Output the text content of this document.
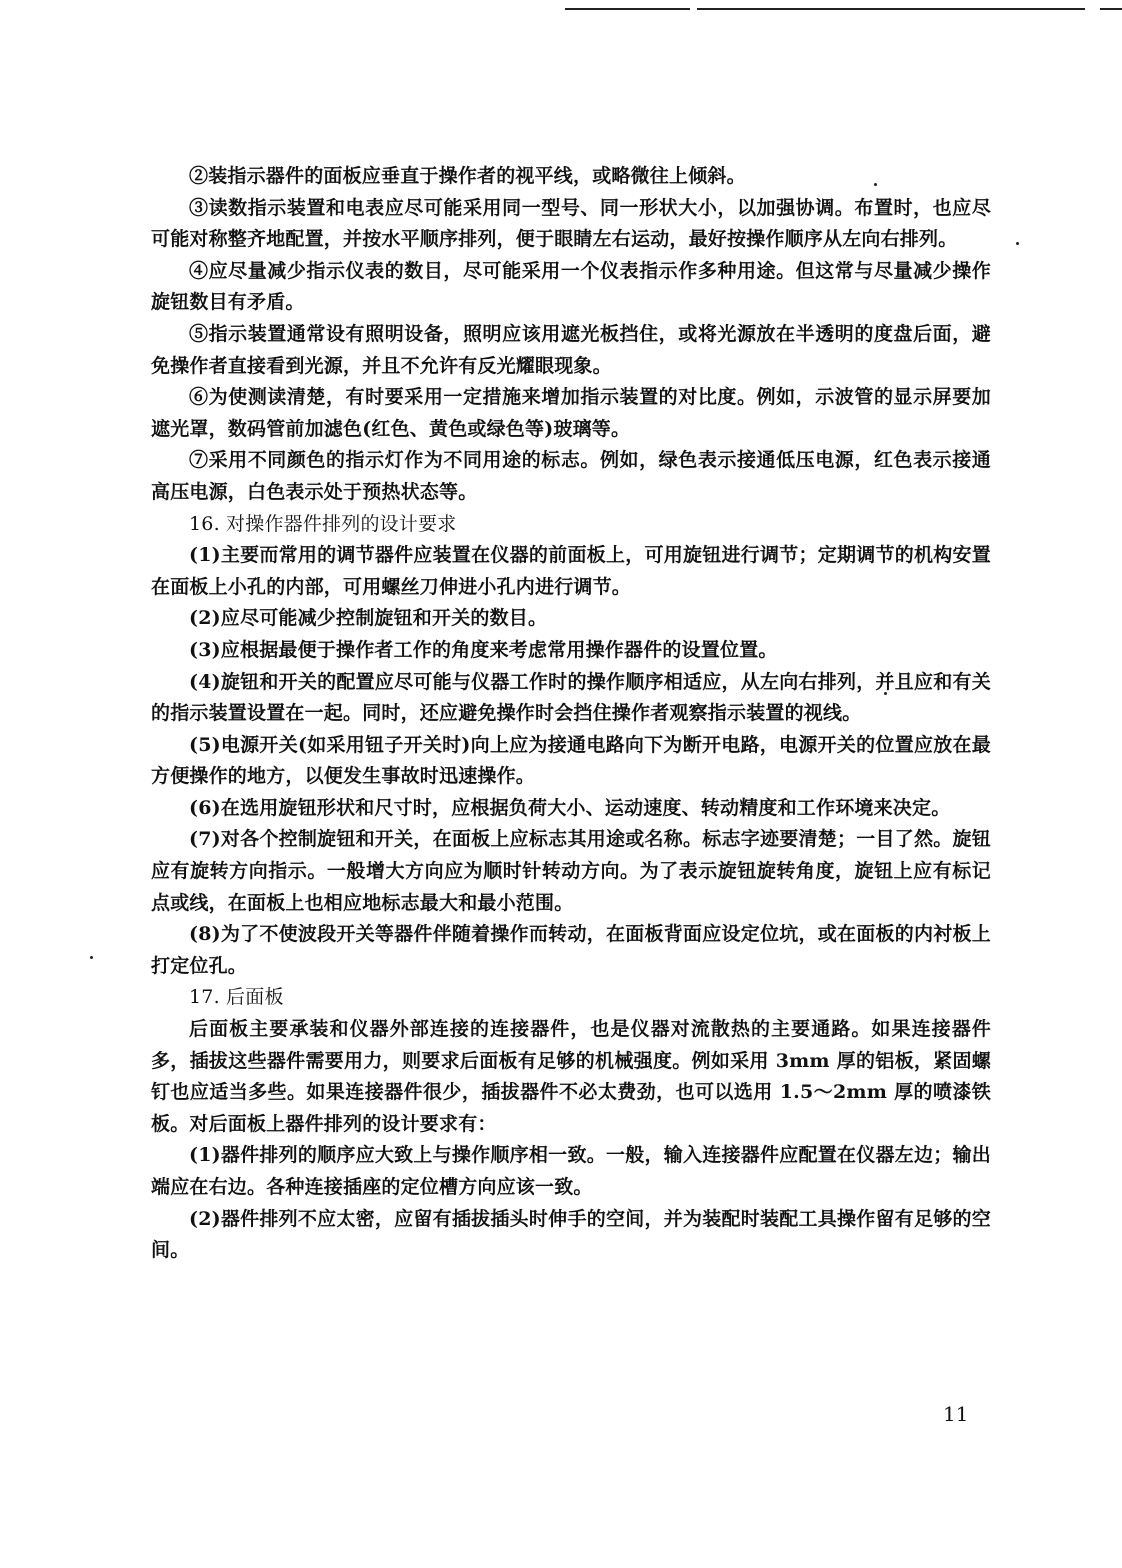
②装指示器件的面板应垂直于操作者的视平线，或略微往上倾斜。

③读数指示装置和电表应尽可能采用同一型号、同一形状大小，以加强协调。布置时，也应尽可能对称整齐地配置，并按水平顺序排列，便于眼睛左右运动，最好按操作顺序从左向右排列。

④应尽量减少指示仪表的数目，尽可能采用一个仪表指示作多种用途。但这常与尽量减少操作旋钮数目有矛盾。

⑤指示装置通常设有照明设备，照明应该用遮光板挡住，或将光源放在半透明的度盘后面，避免操作者直接看到光源，并且不允许有反光耀眼现象。

⑥为使测读清楚，有时要采用一定措施来增加指示装置的对比度。例如，示波管的显示屏要加遮光罩，数码管前加滤色(红色、黄色或绿色等)玻璃等。

⑦采用不同颜色的指示灯作为不同用途的标志。例如，绿色表示接通低压电源，红色表示接通高压电源，白色表示处于预热状态等。

16. 对操作器件排列的设计要求

(1)主要而常用的调节器件应装置在仪器的前面板上，可用旋钮进行调节；定期调节的机构安置在面板上小孔的内部，可用螺丝刀伸进小孔内进行调节。

(2)应尽可能减少控制旋钮和开关的数目。

(3)应根据最便于操作者工作的角度来考虑常用操作器件的设置位置。

(4)旋钮和开关的配置应尽可能与仪器工作时的操作顺序相适应，从左向右排列，并且应和有关的指示装置设置在一起。同时，还应避免操作时会挡住操作者观察指示装置的视线。

(5)电源开关(如采用钮子开关时)向上应为接通电路向下为断开电路，电源开关的位置应放在最方便操作的地方，以便发生事故时迅速操作。

(6)在选用旋钮形状和尺寸时，应根据负荷大小、运动速度、转动精度和工作环境来决定。

(7)对各个控制旋钮和开关，在面板上应标志其用途或名称。标志字迹要清楚；一目了然。旋钮应有旋转方向指示。一般增大方向应为顺时针转动方向。为了表示旋钮旋转角度，旋钮上应有标记点或线，在面板上也相应地标志最大和最小范围。

(8)为了不使波段开关等器件伴随着操作而转动，在面板背面应设定位坑，或在面板的内衬板上打定位孔。

17. 后面板

后面板主要承装和仪器外部连接的连接器件，也是仪器对流散热的主要通路。如果连接器件多，插拔这些器件需要用力，则要求后面板有足够的机械强度。例如采用 3mm 厚的铝板，紧固螺钉也应适当多些。如果连接器件很少，插拔器件不必太费劲，也可以选用 1.5～2mm 厚的喷漆铁板。对后面板上器件排列的设计要求有：

(1)器件排列的顺序应大致上与操作顺序相一致。一般，输入连接器件应配置在仪器左边；输出端应在右边。各种连接插座的定位槽方向应该一致。

(2)器件排列不应太密，应留有插拔插头时伸手的空间，并为装配时装配工具操作留有足够的空间。

11
